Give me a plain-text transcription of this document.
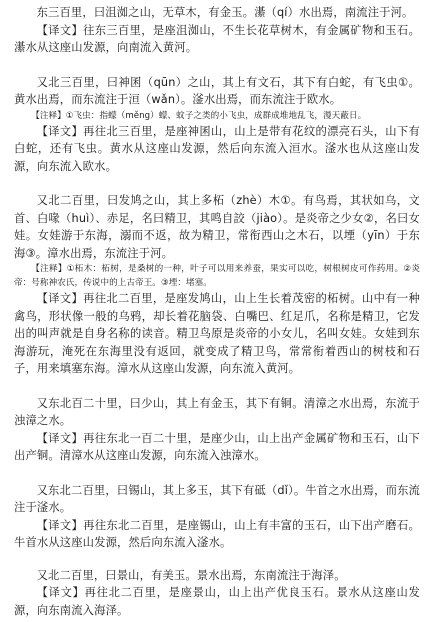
东三百里，曰沮洳之山，无草木，有金玉。濝（qí）水出焉，南流注于河。

【译文】往东三百里，是座沮洳山，不生长花草树木，有金属矿物和玉石。濝水从这座山发源，向南流入黄河。

又北三百里，曰神囷（qūn）之山，其上有文石，其下有白蛇，有飞虫①。黄水出焉，而东流注于洹（wǎn）。滏水出焉，而东流注于欧水。

【注释】①飞虫：指蠓（měng）蠓、蚊子之类的小飞虫，成群成堆地乱飞，漫天蔽日。

【译文】再往北三百里，是座神囷山，山上是带有花纹的漂亮石头，山下有白蛇，还有飞虫。黄水从这座山发源，然后向东流入洹水。滏水也从这座山发源，向东流入欧水。

又北二百里，曰发鸠之山，其上多柘（zhè）木①。有鸟焉，其状如乌，文首、白喙（huì）、赤足，名曰精卫，其鸣自詨（jiào）。是炎帝之少女②，名曰女娃。女娃游于东海，溺而不返，故为精卫，常衔西山之木石，以堙（yīn）于东海③。漳水出焉，东流注于河。

【注释】①柘木：柘树，是桑树的一种，叶子可以用来养蚕，果实可以吃，树根树皮可作药用。②炎帝：号称神农氏，传说中的上古帝王。③堙：堵塞。

【译文】再往北二百里，是座发鸠山，山上生长着茂密的柘树。山中有一种禽鸟，形状像一般的乌鸦，却长着花脑袋、白嘴巴、红足爪，名称是精卫，它发出的叫声就是自身名称的读音。精卫鸟原是炎帝的小女儿，名叫女娃。女娃到东海游玩，淹死在东海里没有返回，就变成了精卫鸟，常常衔着西山的树枝和石子，用来填塞东海。漳水从这座山发源，向东流入黄河。

又东北百二十里，曰少山，其上有金玉，其下有铜。清漳之水出焉，东流于浊漳之水。

【译文】再往东北一百二十里，是座少山，山上出产金属矿物和玉石，山下出产铜。清漳水从这座山发源，向东流入浊漳水。

又东北二百里，曰锡山，其上多玉，其下有砥（dǐ）。牛首之水出焉，而东流注于滏水。

【译文】再往东北二百里，是座锡山，山上有丰富的玉石，山下出产磨石。牛首水从这座山发源，然后向东流入滏水。

又北二百里，曰景山，有美玉。景水出焉，东南流注于海泽。

【译文】再往北二百里，是座景山，山上出产优良玉石。景水从这座山发源，向东南流入海泽。
